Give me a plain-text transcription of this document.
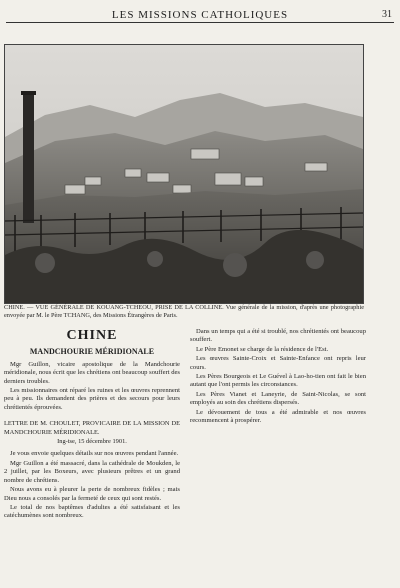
LES MISSIONS CATHOLIQUES	31
CHINE. — VUE GÉNÉRALE DE KOUANG-TCHEOU, PRISE DE LA COLLINE. Vue générale de la mission, d'après une photographie envoyée par M. le Père TCHANG, des Missions Étrangères de Paris.
CHINE
MANDCHOURIE MÉRIDIONALE

Mgr Guillon, vicaire apostolique de la Mandchourie méridionale, nous écrit que les chrétiens ont beaucoup souffert des derniers troubles.

Les missionnaires ont réparé les ruines et les œuvres reprennent peu à peu. Ils demandent des prières et des secours pour leurs chrétientés éprouvées.

LETTRE DE M. CHOULET, PROVICAIRE DE LA MISSION DE MANDCHOURIE MÉRIDIONALE.
Ing-tse, 15 décembre 1901.

Je vous envoie quelques détails sur nos œuvres pendant l'année.

Mgr Guillon a été massacré, dans la cathédrale de Moukden, le 2 juillet, par les Boxeurs, avec plusieurs prêtres et un grand nombre de chrétiens.

Nous avons eu à pleurer la perte de nombreux fidèles ; mais Dieu nous a consolés par la fermeté de ceux qui sont restés.

Le total de nos baptêmes d'adultes a été satisfaisant et les catéchumènes sont nombreux.

Dans un temps qui a été si troublé, nos chrétientés ont beaucoup souffert.

Le Père Emonet se charge de la résidence de l'Est.

Les œuvres Sainte-Croix et Sainte-Enfance ont repris leur cours.

Les Pères Bourgeois et Le Guével à Lao-ho-tien ont fait le bien autant que l'ont permis les circonstances.

Les Pères Vianet et Laneyrie, de Saint-Nicolas, se sont employés au soin des chrétiens dispersés.

Le dévouement de tous a été admirable et nos œuvres recommencent à prospérer.
